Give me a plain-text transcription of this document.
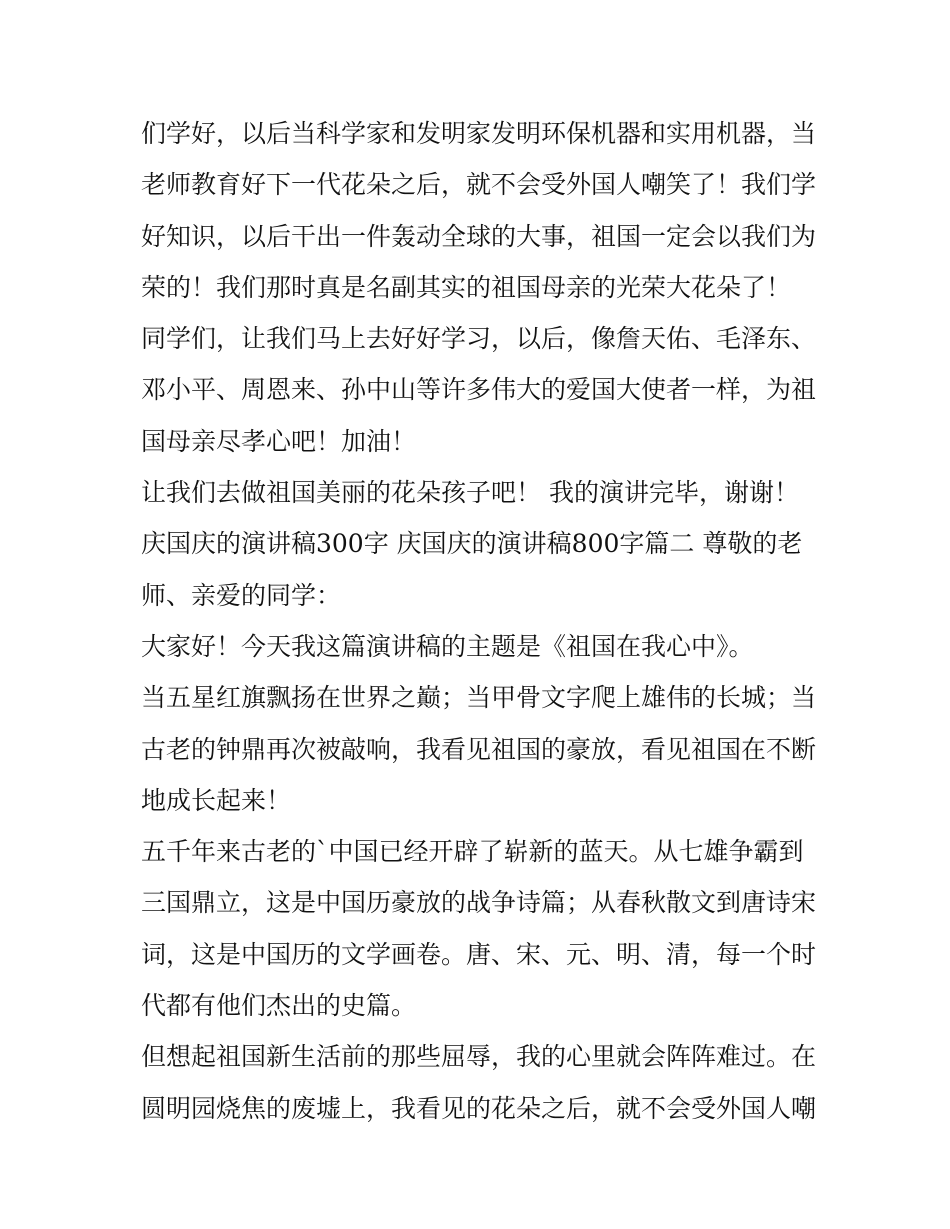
们学好，以后当科学家和发明家发明环保机器和实用机器，当
老师教育好下一代花朵之后，就不会受外国人嘲笑了！我们学
好知识，以后干出一件轰动全球的大事，祖国一定会以我们为
荣的！我们那时真是名副其实的祖国母亲的光荣大花朵了！
同学们，让我们马上去好好学习，以后，像詹天佑、毛泽东、
邓小平、周恩来、孙中山等许多伟大的爱国大使者一样，为祖
国母亲尽孝心吧！加油！
让我们去做祖国美丽的花朵孩子吧！ 我的演讲完毕，谢谢！
庆国庆的演讲稿300字 庆国庆的演讲稿800字篇二 尊敬的老
师、亲爱的同学：
大家好！今天我这篇演讲稿的主题是《祖国在我心中》。
当五星红旗飘扬在世界之巅；当甲骨文字爬上雄伟的长城；当
古老的钟鼎再次被敲响，我看见祖国的豪放，看见祖国在不断
地成长起来！
五千年来古老的`中国已经开辟了崭新的蓝天。从七雄争霸到
三国鼎立，这是中国历豪放的战争诗篇；从春秋散文到唐诗宋
词，这是中国历的文学画卷。唐、宋、元、明、清，每一个时
代都有他们杰出的史篇。
但想起祖国新生活前的那些屈辱，我的心里就会阵阵难过。在
圆明园烧焦的废墟上，我看见的花朵之后，就不会受外国人嘲
